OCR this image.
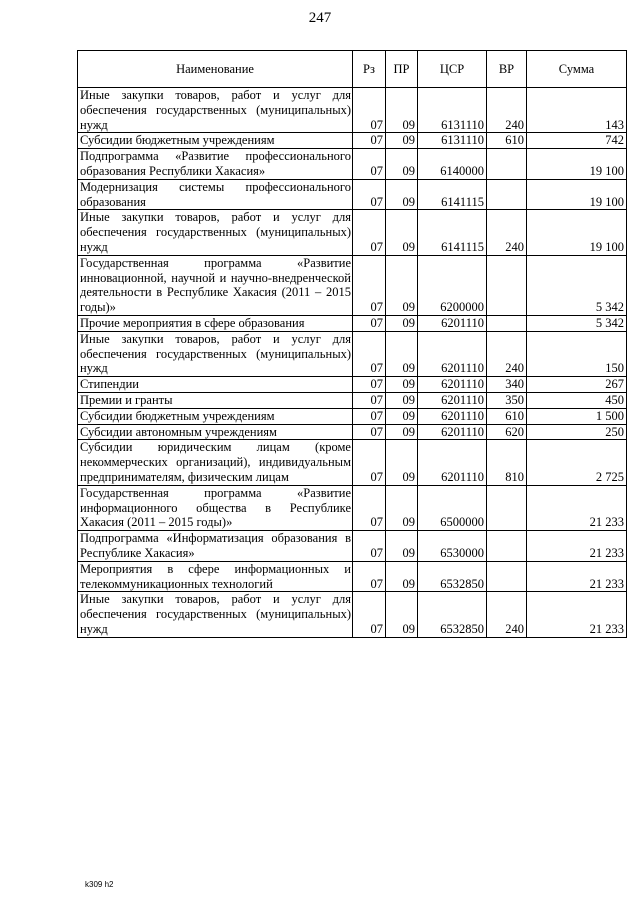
247
Наименование	Рз	ПР	ЦСР	ВР	Сумма
Иные закупки товаров, работ и услуг для обеспечения государственных (муниципальных) нужд	07	09	6131110	240	143
Субсидии бюджетным учреждениям	07	09	6131110	610	742
Подпрограмма «Развитие профессионального образования Республики Хакасия»	07	09	6140000		19 100
Модернизация системы профессионального образования	07	09	6141115		19 100
Иные закупки товаров, работ и услуг для обеспечения государственных (муниципальных) нужд	07	09	6141115	240	19 100
Государственная программа «Развитие инновационной, научной и научно-внедренческой деятельности в Республике Хакасия (2011 – 2015 годы)»	07	09	6200000		5 342
Прочие мероприятия в сфере образования	07	09	6201110		5 342
Иные закупки товаров, работ и услуг для обеспечения государственных (муниципальных) нужд	07	09	6201110	240	150
Стипендии	07	09	6201110	340	267
Премии и гранты	07	09	6201110	350	450
Субсидии бюджетным учреждениям	07	09	6201110	610	1 500
Субсидии автономным учреждениям	07	09	6201110	620	250
Субсидии юридическим лицам (кроме некоммерческих организаций), индивидуальным предпринимателям, физическим лицам	07	09	6201110	810	2 725
Государственная программа «Развитие информационного общества в Республике Хакасия (2011 – 2015 годы)»	07	09	6500000		21 233
Подпрограмма «Информатизация образования в Республике Хакасия»	07	09	6530000		21 233
Мероприятия в сфере информационных и телекоммуникационных технологий	07	09	6532850		21 233
Иные закупки товаров, работ и услуг для обеспечения государственных (муниципальных) нужд	07	09	6532850	240	21 233
k309 h2
